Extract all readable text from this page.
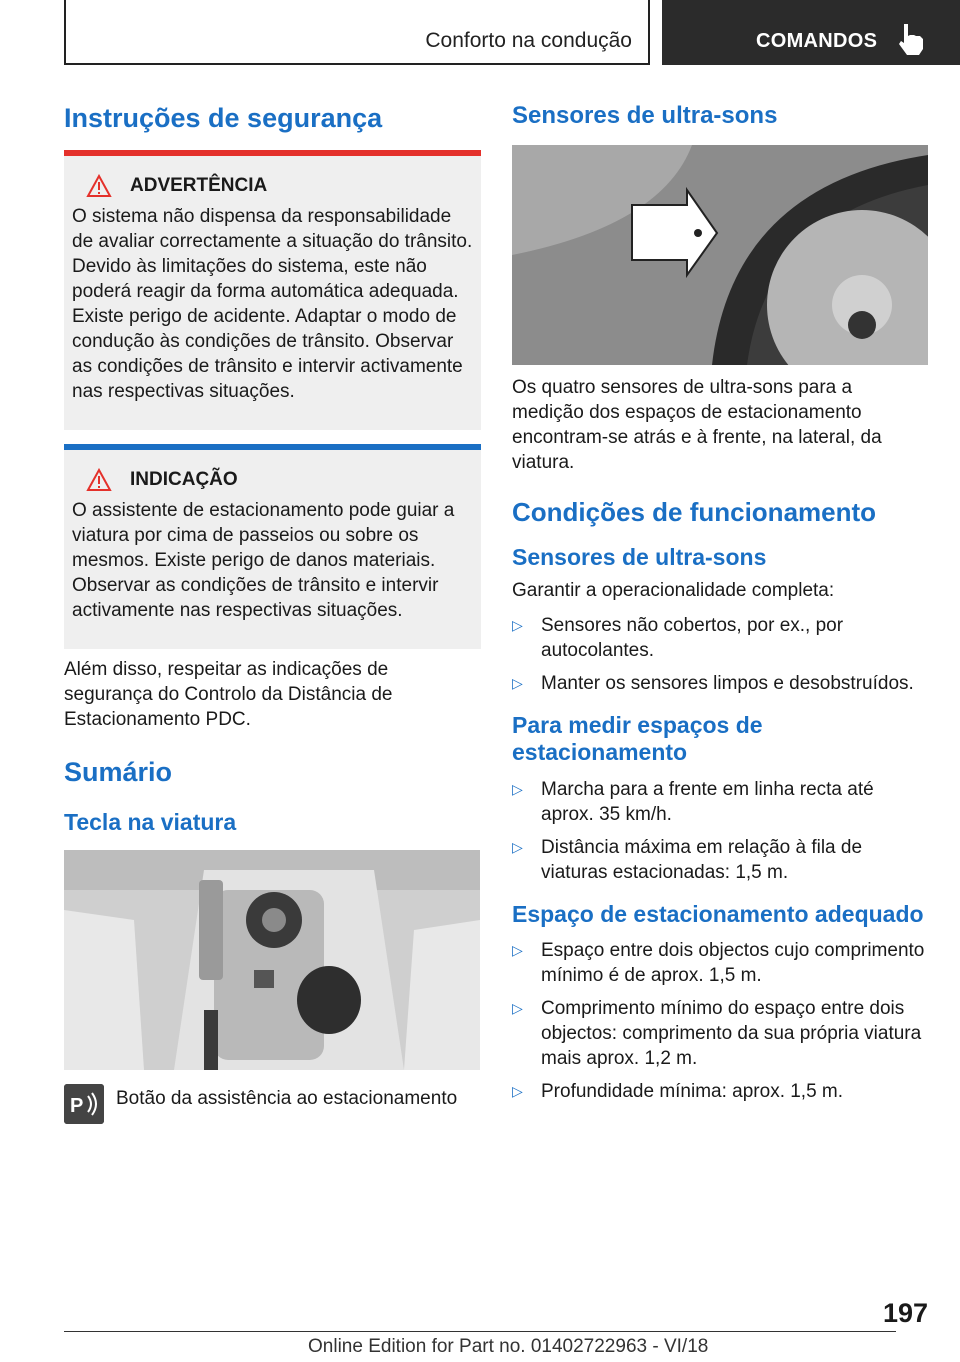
Conforto na condução	COMANDOS
Instruções de segurança
ADVERTÊNCIA

O sistema não dispensa da responsabilidade de avaliar correctamente a situação do trânsito. Devido às limitações do sistema, este não poderá reagir da forma automática adequada. Existe perigo de acidente. Adaptar o modo de condução às condições de trânsito. Observar as condições de trânsito e intervir activamente nas respectivas situações.

INDICAÇÃO

O assistente de estacionamento pode guiar a viatura por cima de passeios ou sobre os mesmos. Existe perigo de danos materiais. Observar as condições de trânsito e intervir activamente nas respectivas situações.

Além disso, respeitar as indicações de segurança do Controlo da Distância de Estacionamento PDC.

Sumário
Tecla na viatura
P Botão da assistência ao estacionamento

Sensores de ultra-sons

Os quatro sensores de ultra-sons para a medição dos espaços de estacionamento encontram-se atrás e à frente, na lateral, da viatura.

Condições de funcionamento
Sensores de ultra-sons

Garantir a operacionalidade completa:

▷ Sensores não cobertos, por ex., por autocolantes.
▷ Manter os sensores limpos e desobstruídos.
Para medir espaços de estacionamento
▷ Marcha para a frente em linha recta até aprox. 35 km/h.
▷ Distância máxima em relação à fila de viaturas estacionadas: 1,5 m.
Espaço de estacionamento adequado
▷ Espaço entre dois objectos cujo comprimento mínimo é de aprox. 1,5 m.
▷ Comprimento mínimo do espaço entre dois objectos: comprimento da sua própria viatura mais aprox. 1,2 m.
▷ Profundidade mínima: aprox. 1,5 m.
197
Online Edition for Part no. 01402722963 - VI/18
